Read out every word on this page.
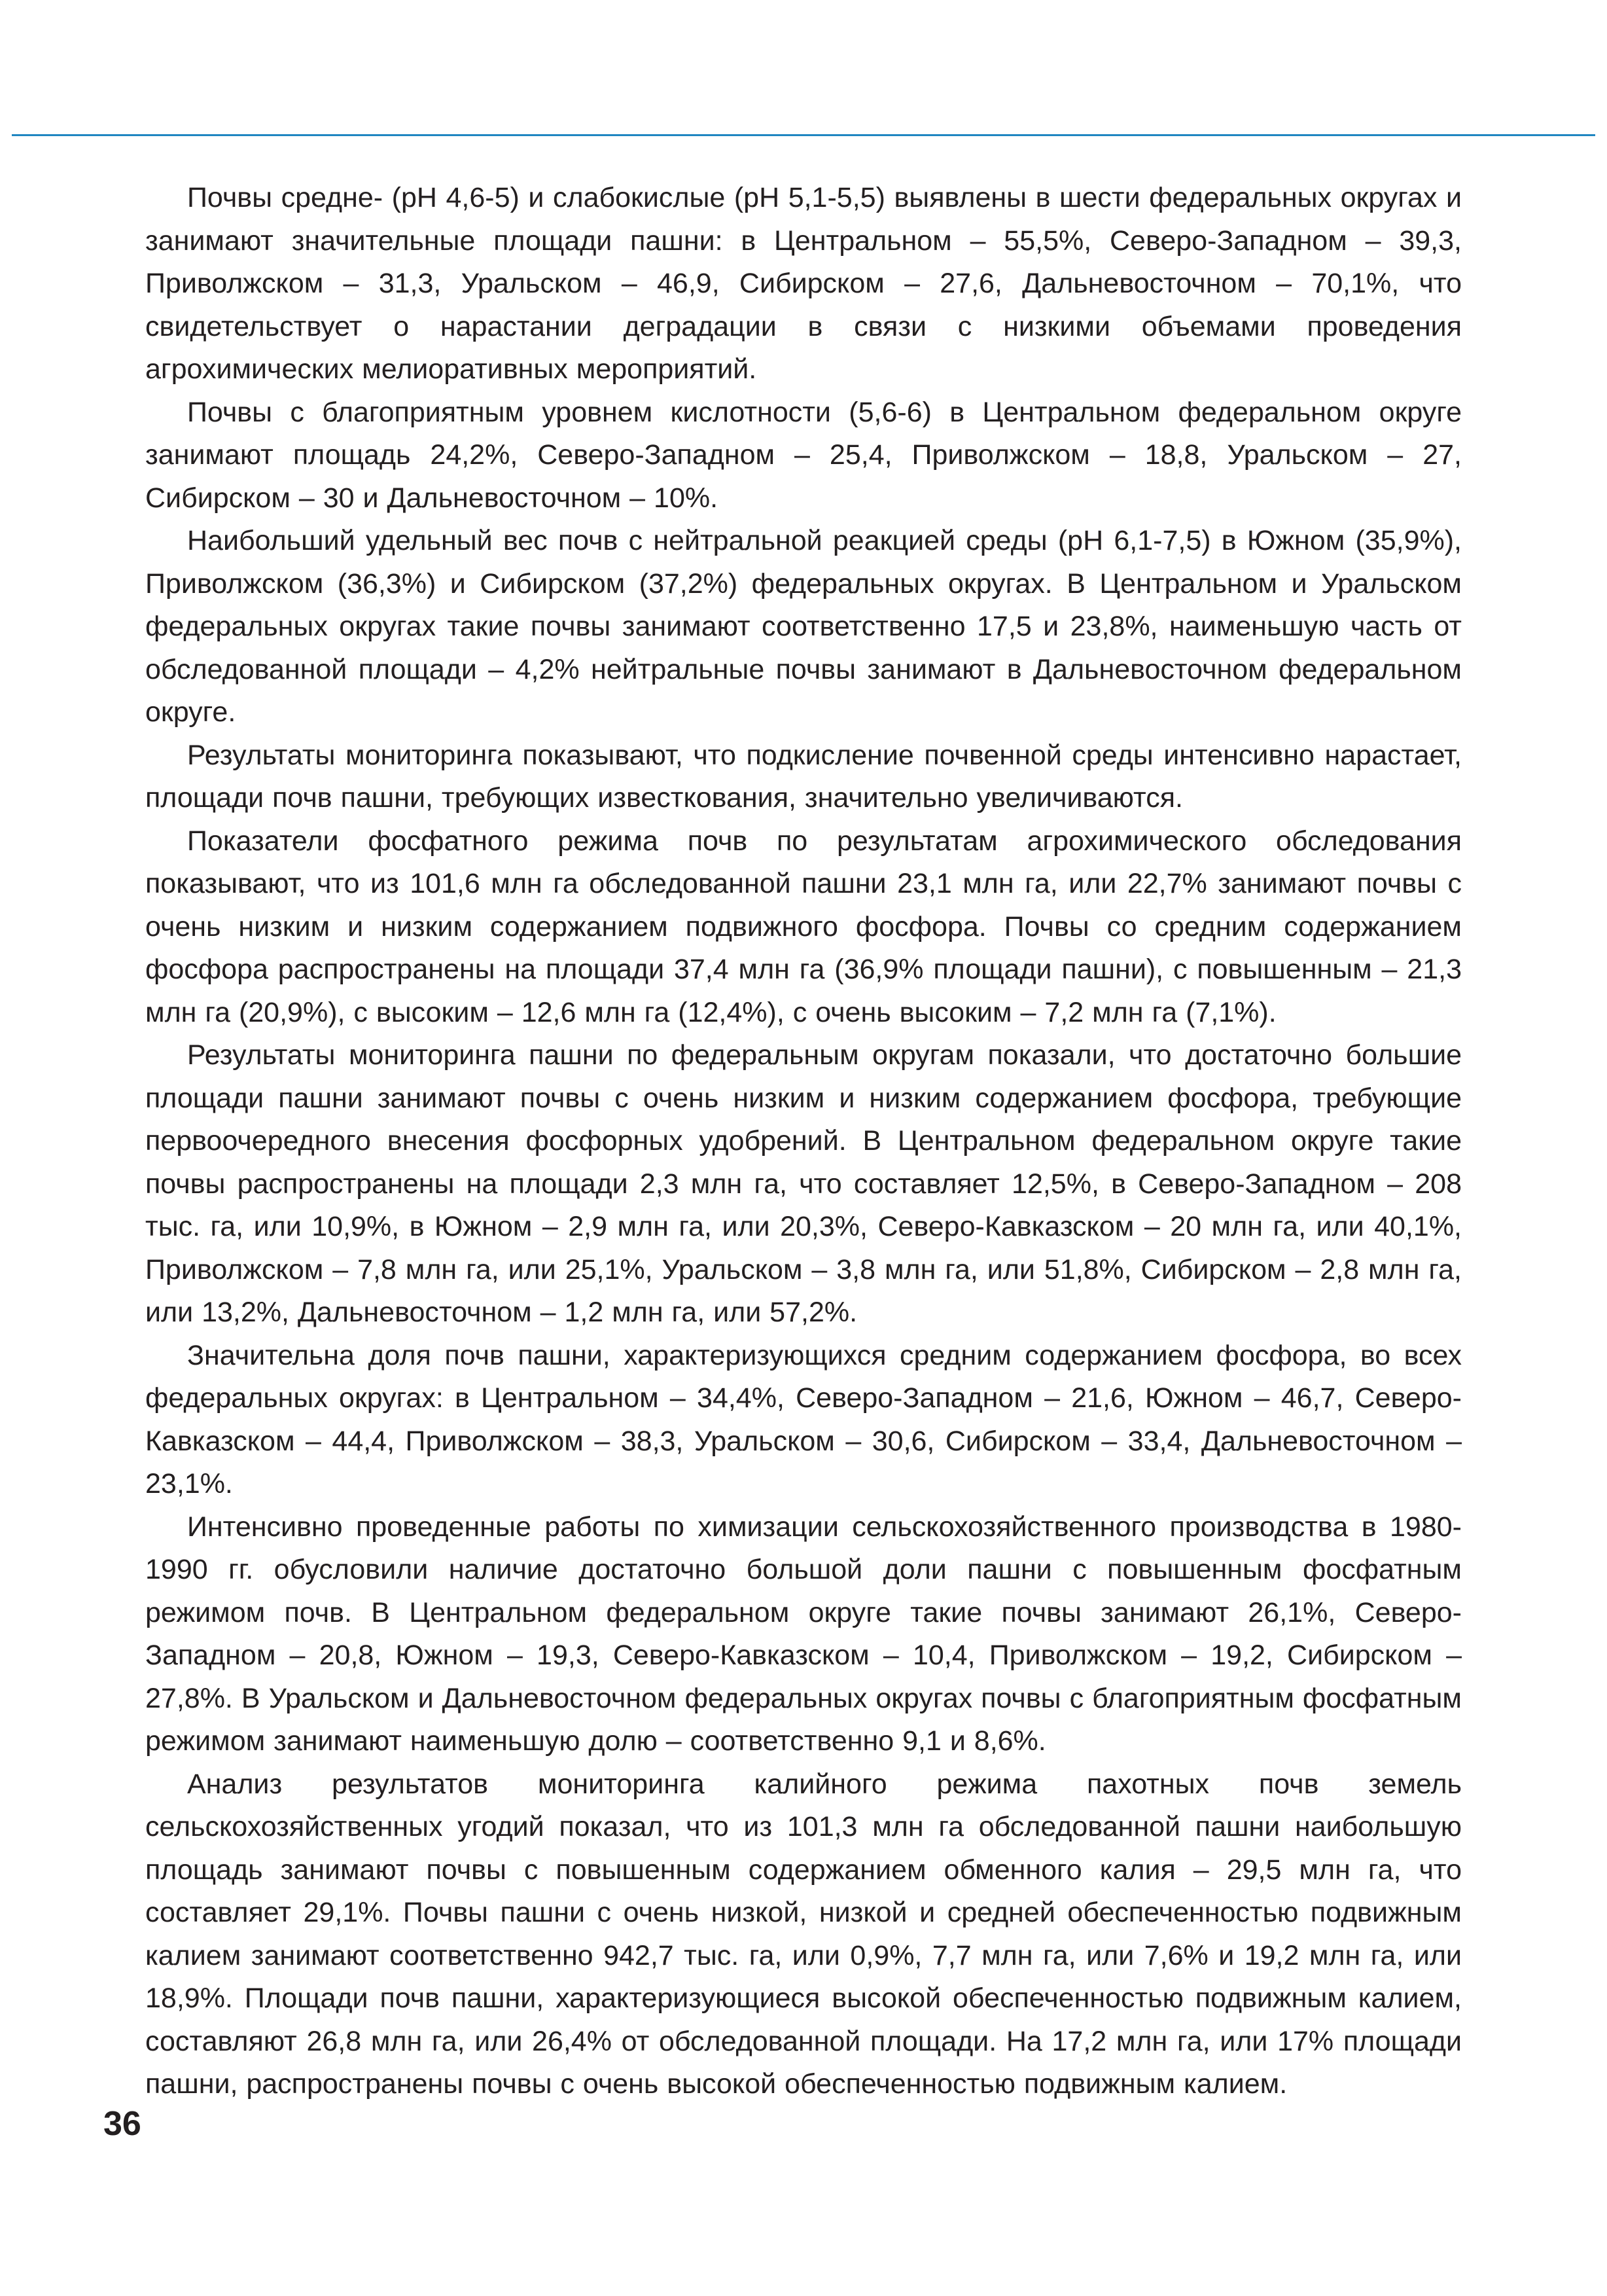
Почвы средне- (рН 4,6-5) и слабокислые (рН 5,1-5,5) выявлены в шести федеральных округах и занимают значительные площади пашни: в Центральном – 55,5%, Северо-Западном – 39,3, Приволжском – 31,3, Уральском – 46,9, Сибирском – 27,6, Дальневосточном – 70,1%, что свидетельствует о нарастании деградации в связи с низкими объемами проведения агрохимических мелиоративных мероприятий.

Почвы с благоприятным уровнем кислотности (5,6-6) в Центральном федеральном округе занимают площадь 24,2%, Северо-Западном – 25,4, Приволжском – 18,8, Уральском – 27, Сибирском – 30 и Дальневосточном – 10%.

Наибольший удельный вес почв с нейтральной реакцией среды (рН 6,1-7,5) в Южном (35,9%), Приволжском (36,3%) и Сибирском (37,2%) федеральных округах. В Центральном и Уральском федеральных округах такие почвы занимают соответственно 17,5 и 23,8%, наименьшую часть от обследованной площади – 4,2% нейтральные почвы занимают в Дальневосточном федеральном округе.

Результаты мониторинга показывают, что подкисление почвенной среды интенсивно нарастает, площади почв пашни, требующих известкования, значительно увеличиваются.

Показатели фосфатного режима почв по результатам агрохимического обследования показывают, что из 101,6 млн га обследованной пашни 23,1 млн га, или 22,7% занимают почвы с очень низким и низким содержанием подвижного фосфора. Почвы со средним содержанием фосфора распространены на площади 37,4 млн га (36,9% площади пашни), с повышенным – 21,3 млн га (20,9%), с высоким – 12,6 млн га (12,4%), с очень высоким – 7,2 млн га (7,1%).

Результаты мониторинга пашни по федеральным округам показали, что достаточно большие площади пашни занимают почвы с очень низким и низким содержанием фосфора, требующие первоочередного внесения фосфорных удобрений. В Центральном федеральном округе такие почвы распространены на площади 2,3 млн га, что составляет 12,5%, в Северо-Западном – 208 тыс. га, или 10,9%, в Южном – 2,9 млн га, или 20,3%, Северо-Кавказском – 20 млн га, или 40,1%, Приволжском – 7,8 млн га, или 25,1%, Уральском – 3,8 млн га, или 51,8%, Сибирском – 2,8 млн га, или 13,2%, Дальневосточном – 1,2 млн га, или 57,2%.

Значительна доля почв пашни, характеризующихся средним содержанием фосфора, во всех федеральных округах: в Центральном – 34,4%, Северо-Западном – 21,6, Южном – 46,7, Северо-Кавказском – 44,4, Приволжском – 38,3, Уральском – 30,6, Сибирском – 33,4, Дальневосточном – 23,1%.

Интенсивно проведенные работы по химизации сельскохозяйственного производства в 1980-1990 гг. обусловили наличие достаточно большой доли пашни с повышенным фосфатным режимом почв. В Центральном федеральном округе такие почвы занимают 26,1%, Северо-Западном – 20,8, Южном – 19,3, Северо-Кавказском – 10,4, Приволжском – 19,2, Сибирском – 27,8%. В Уральском и Дальневосточном федеральных округах почвы с благоприятным фосфатным режимом занимают наименьшую долю – соответственно 9,1 и 8,6%.

Анализ результатов мониторинга калийного режима пахотных почв земель сельскохозяйственных угодий показал, что из 101,3 млн га обследованной пашни наибольшую площадь занимают почвы с повышенным содержанием обменного калия – 29,5 млн га, что составляет 29,1%. Почвы пашни с очень низкой, низкой и средней обеспеченностью подвижным калием занимают соответственно 942,7 тыс. га, или 0,9%, 7,7 млн га, или 7,6% и 19,2 млн га, или 18,9%. Площади почв пашни, характеризующиеся высокой обеспеченностью подвижным калием, составляют 26,8 млн га, или 26,4% от обследованной площади. На 17,2 млн га, или 17% площади пашни, распространены почвы с очень высокой обеспеченностью подвижным калием.

36
